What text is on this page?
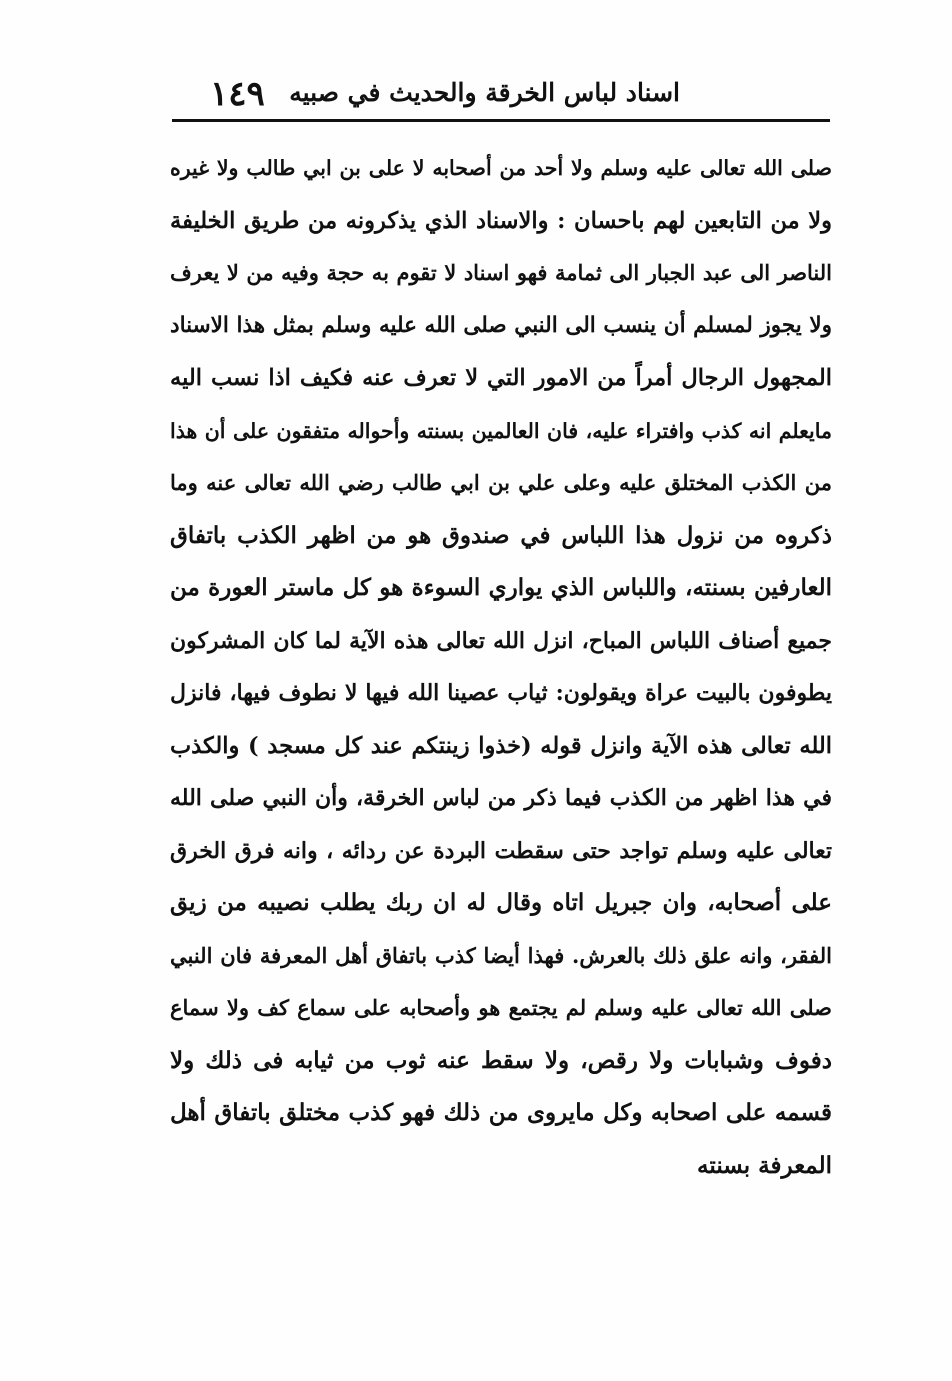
١٤٩ اسناد لباس الخرقة والحديث في صبيه
صلى الله تعالى عليه وسلم ولا أحد من أصحابه لا على بن ابي طالب ولا غيره
ولا من التابعين لهم باحسان : والاسناد الذي يذكرونه من طريق الخليفة
الناصر الى عبد الجبار الى ثمامة فهو اسناد لا تقوم به حجة وفيه من لا يعرف
ولا يجوز لمسلم أن ينسب الى النبي صلى الله عليه وسلم بمثل هذا الاسناد
المجهول الرجال أمراً من الامور التي لا تعرف عنه فكيف اذا نسب اليه
مايعلم انه كذب وافتراء عليه، فان العالمين بسنته وأحواله متفقون على أن هذا
من الكذب المختلق عليه وعلى علي بن ابي طالب رضي الله تعالى عنه وما
ذكروه من نزول هذا اللباس في صندوق هو من اظهر الكذب باتفاق
العارفين بسنته، واللباس الذي يواري السوءة هو كل ماستر العورة من
جميع أصناف اللباس المباح، انزل الله تعالى هذه الآية لما كان المشركون
يطوفون بالبيت عراة ويقولون: ثياب عصينا الله فيها لا نطوف فيها، فانزل
الله تعالى هذه الآية وانزل قوله (خذوا زينتكم عند كل مسجد ) والكذب
في هذا اظهر من الكذب فيما ذكر من لباس الخرقة، وأن النبي صلى الله
تعالى عليه وسلم تواجد حتى سقطت البردة عن ردائه ، وانه فرق الخرق
على أصحابه، وان جبريل اتاه وقال له ان ربك يطلب نصيبه من زيق
الفقر، وانه علق ذلك بالعرش. فهذا أيضا كذب باتفاق أهل المعرفة فان النبي
صلى الله تعالى عليه وسلم لم يجتمع هو وأصحابه على سماع كف ولا سماع
دفوف وشبابات ولا رقص، ولا سقط عنه ثوب من ثيابه فى ذلك ولا
قسمه على اصحابه وكل مايروى من ذلك فهو كذب مختلق باتفاق أهل
المعرفة بسنته
